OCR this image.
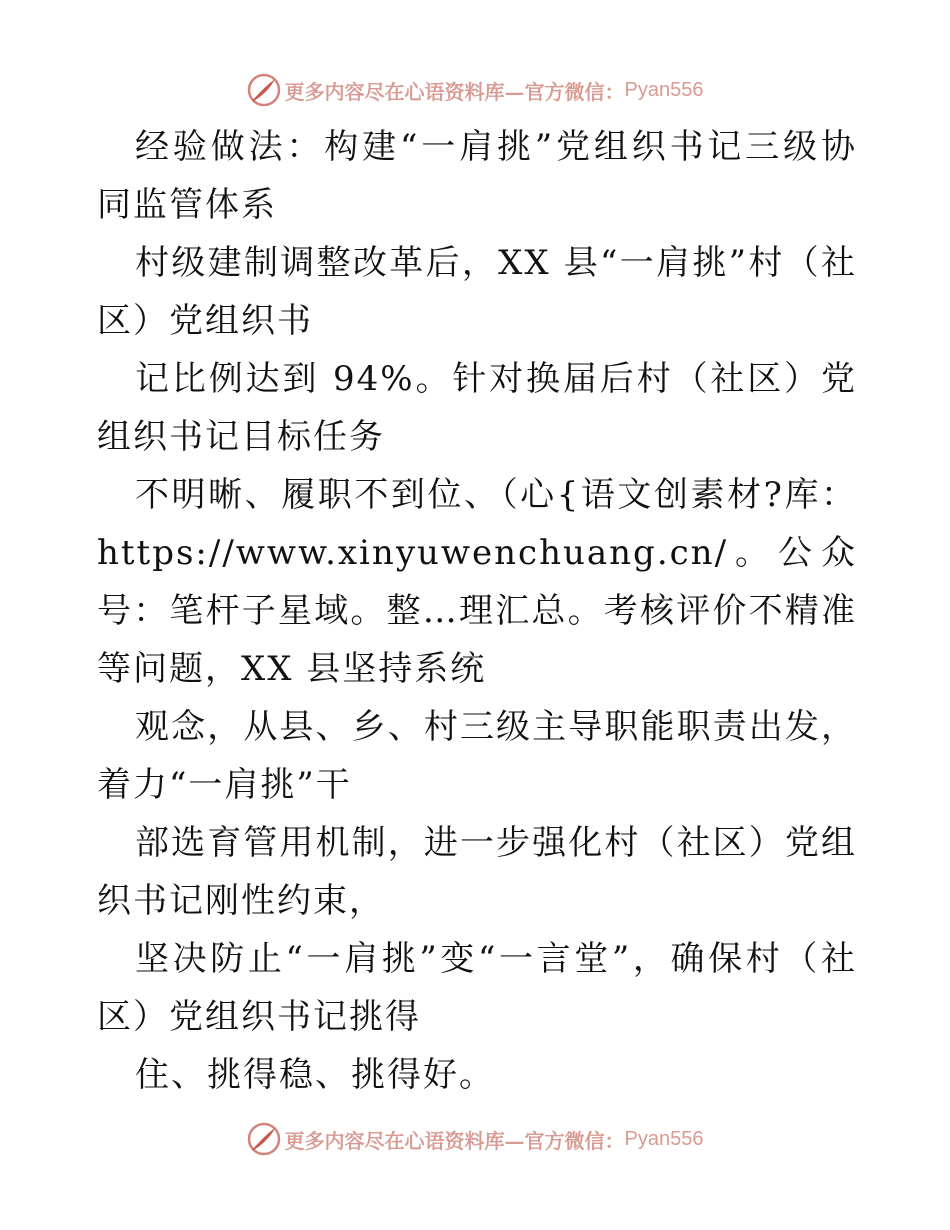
更多内容尽在心语资料库—官方微信： Pyan556

经验做法：构建“一肩挑”党组织书记三级协同监管体系

村级建制调整改革后，XX 县“一肩挑”村（社区）党组织书

记比例达到 94%。针对换届后村（社区）党组织书记目标任务

不明晰、履职不到位、（心{语文创素材?库：https://www.xinyuwenchuang.cn/。公众号：笔杆子星域。整…理汇总。考核评价不精准等问题，XX 县坚持系统

观念，从县、乡、村三级主导职能职责出发，着力“一肩挑”干

部选育管用机制，进一步强化村（社区）党组织书记刚性约束，

坚决防止“一肩挑”变“一言堂”，确保村（社区）党组织书记挑得

住、挑得稳、挑得好。

更多内容尽在心语资料库—官方微信： Pyan556
